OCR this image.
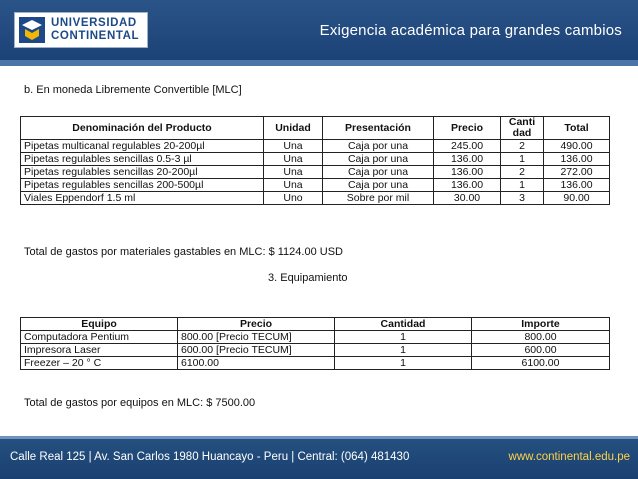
UNIVERSIDAD
CONTINENTAL	Exigencia académica para grandes cambios
b. En moneda Libremente Convertible [MLC]
Denominación del Producto	Unidad	Presentación	Precio	Canti dad	Total
Pipetas multicanal regulables 20-200µl	Una	Caja por una	245.00	2	490.00
Pipetas regulables sencillas 0.5-3 µl	Una	Caja por una	136.00	1	136.00
Pipetas regulables sencillas 20-200µl	Una	Caja por una	136.00	2	272.00
Pipetas regulables sencillas 200-500µl	Una	Caja por una	136.00	1	136.00
Viales Eppendorf 1.5 ml	Uno	Sobre por mil	30.00	3	90.00
Total de gastos por materiales gastables en MLC: $ 1124.00 USD
3. Equipamiento
Equipo	Precio	Cantidad	Importe
Computadora Pentium	800.00 [Precio TECUM]	1	800.00
Impresora Laser	600.00 [Precio TECUM]	1	600.00
Freezer – 20 ° C	6100.00	1	6100.00
Total de gastos por equipos en MLC: $ 7500.00
Calle Real 125 | Av. San Carlos 1980 Huancayo - Peru | Central: (064) 481430	www.continental.edu.pe
